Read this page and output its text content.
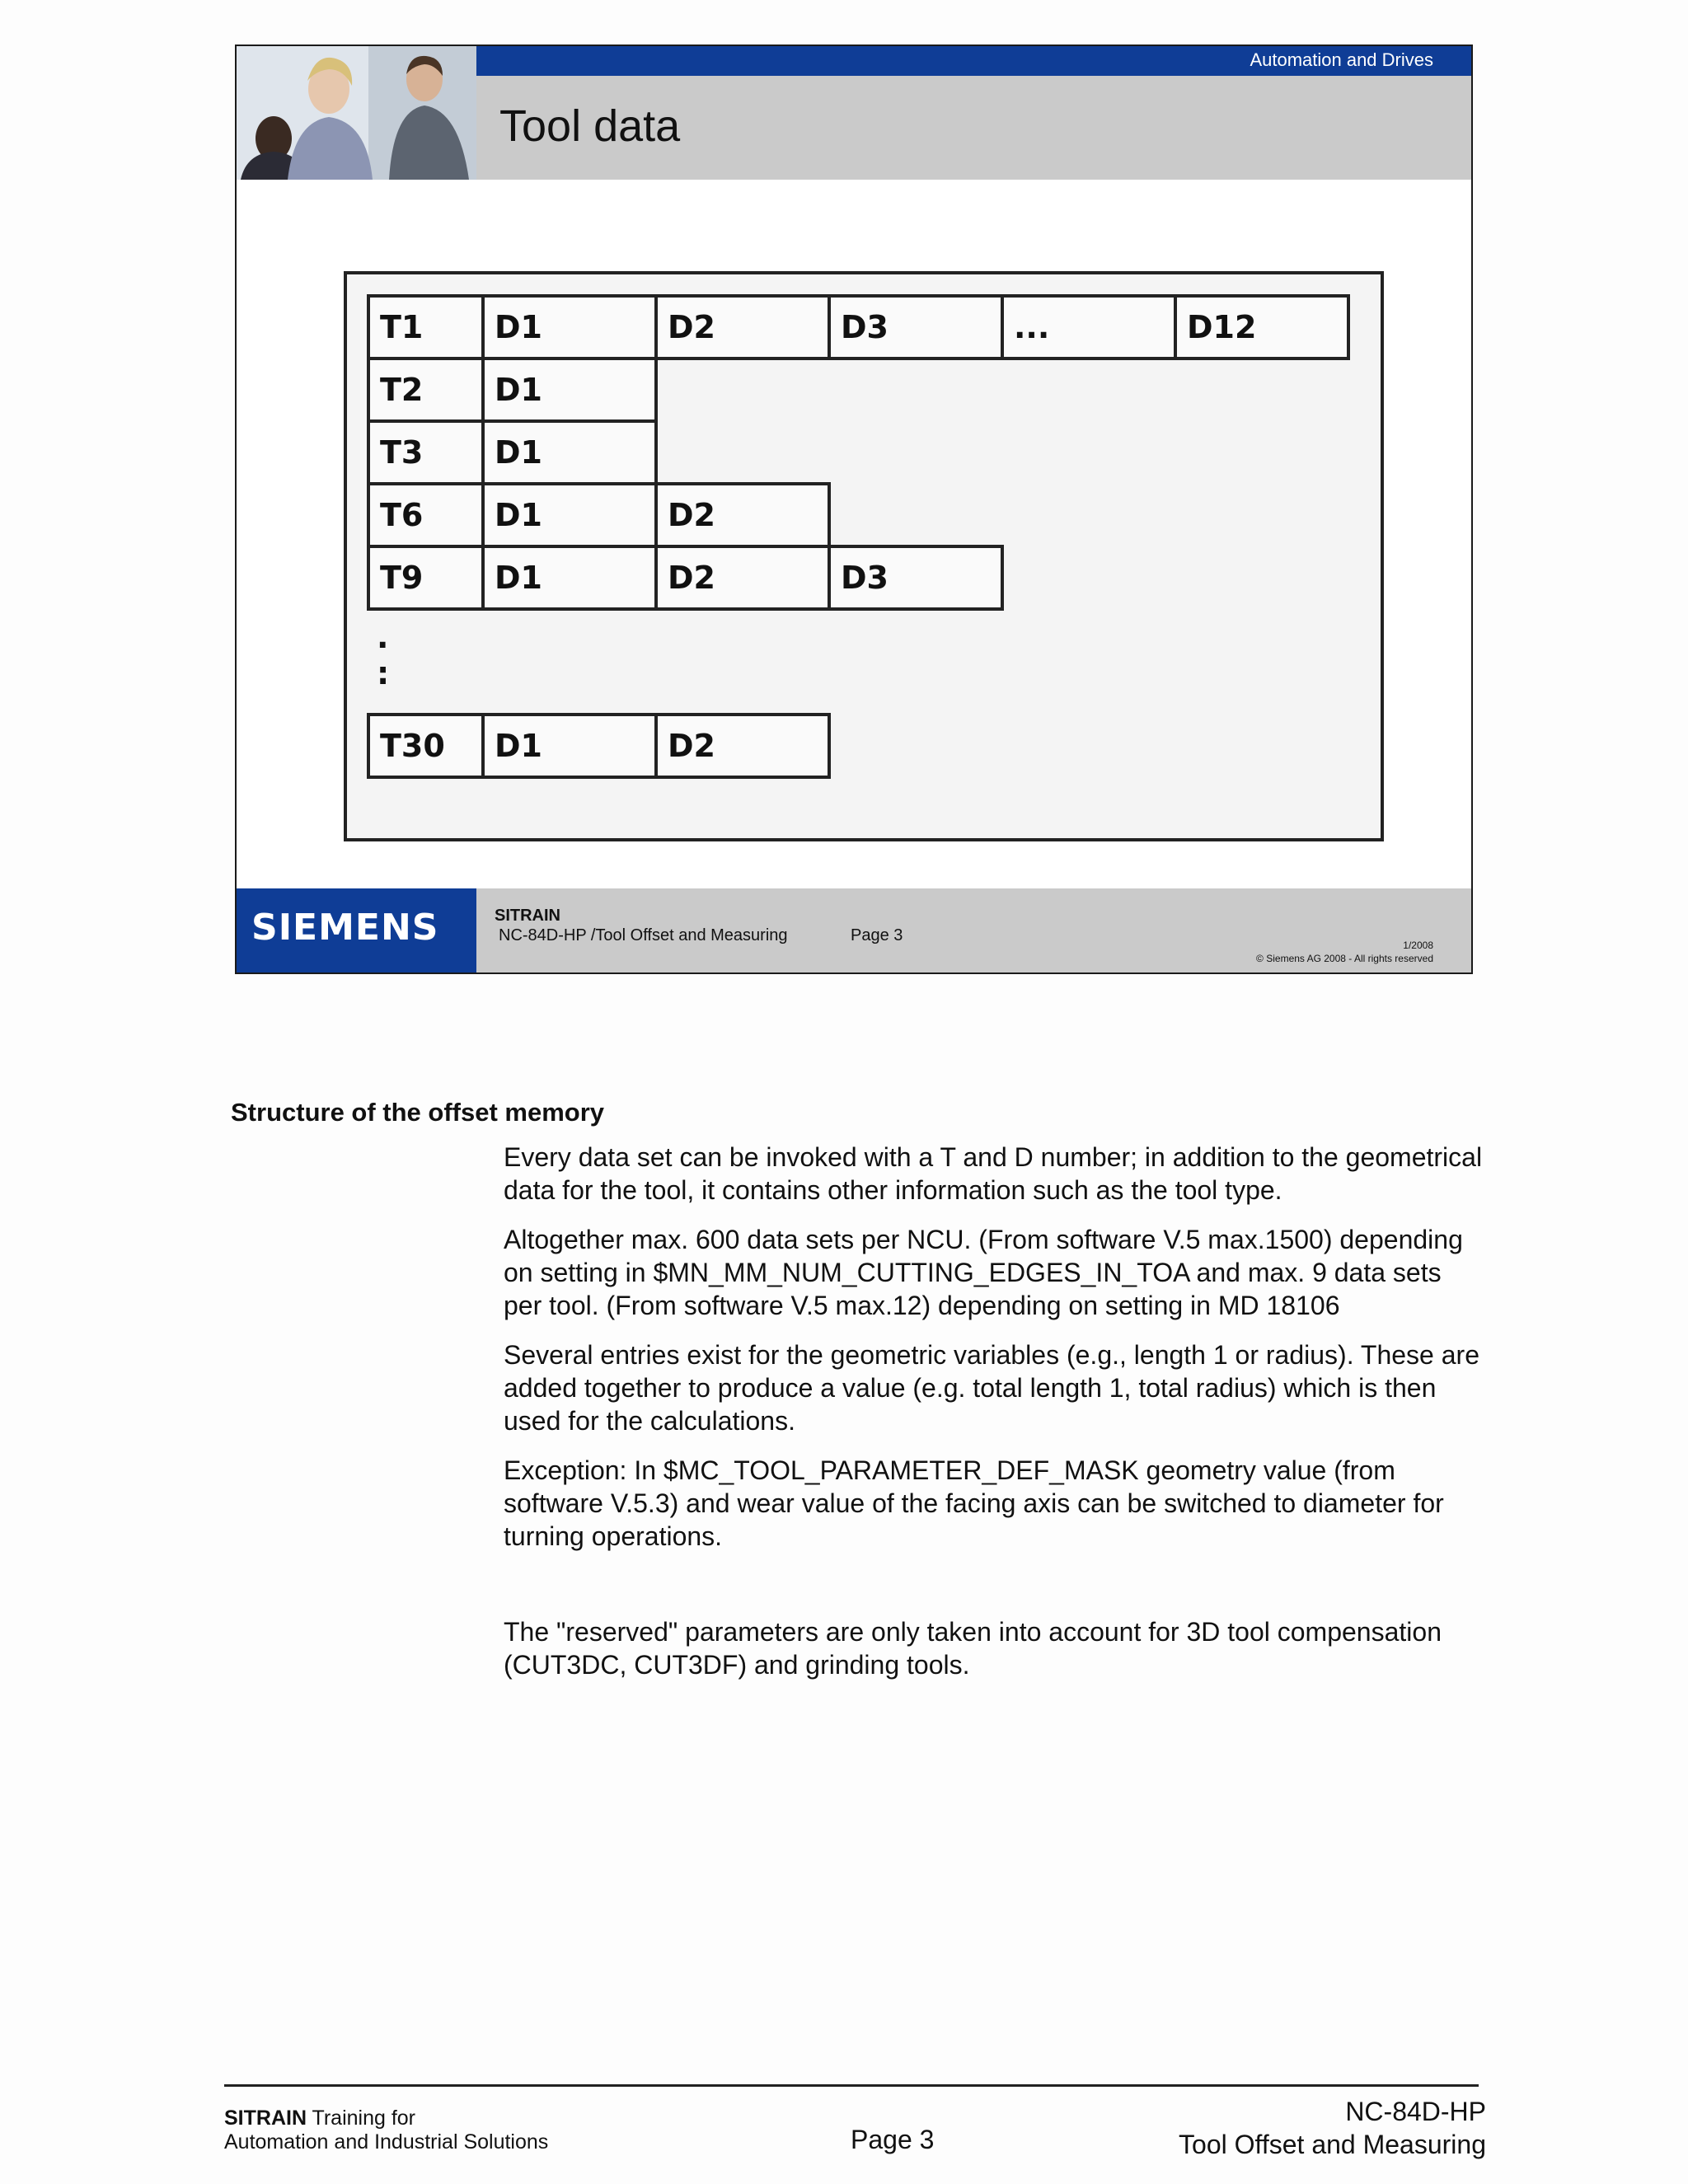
Automation and Drives
Tool data
T1	D1	D2	D3	...	D12
T2	D1
T3	D1
T6	D1	D2
T9	D1	D2	D3
.
:
T30	D1	D2
SIEMENS	SITRAIN
NC-84D-HP /Tool Offset and Measuring	Page 3
1/2008
© Siemens AG 2008 - All rights reserved
Structure of the offset memory

Every data set can be invoked with a T and D number; in addition to the geometrical data for the tool, it contains other information such as the tool type.

Altogether max. 600 data sets per NCU. (From software V.5 max.1500) depending on setting in $MN_MM_NUM_CUTTING_EDGES_IN_TOA and max. 9 data sets per tool. (From software V.5 max.12) depending on setting in MD 18106

Several entries exist for the geometric variables (e.g., length 1 or radius). These are added together to produce a value (e.g. total length 1, total radius) which is then used for the calculations.

Exception: In $MC_TOOL_PARAMETER_DEF_MASK geometry value (from software V.5.3) and wear value of the facing axis can be switched to diameter for turning operations.

The "reserved" parameters are only taken into account for 3D tool compensation (CUT3DC, CUT3DF) and grinding tools.

SITRAIN Training for
Automation and Industrial Solutions	Page 3
NC-84D-HP
Tool Offset and Measuring
